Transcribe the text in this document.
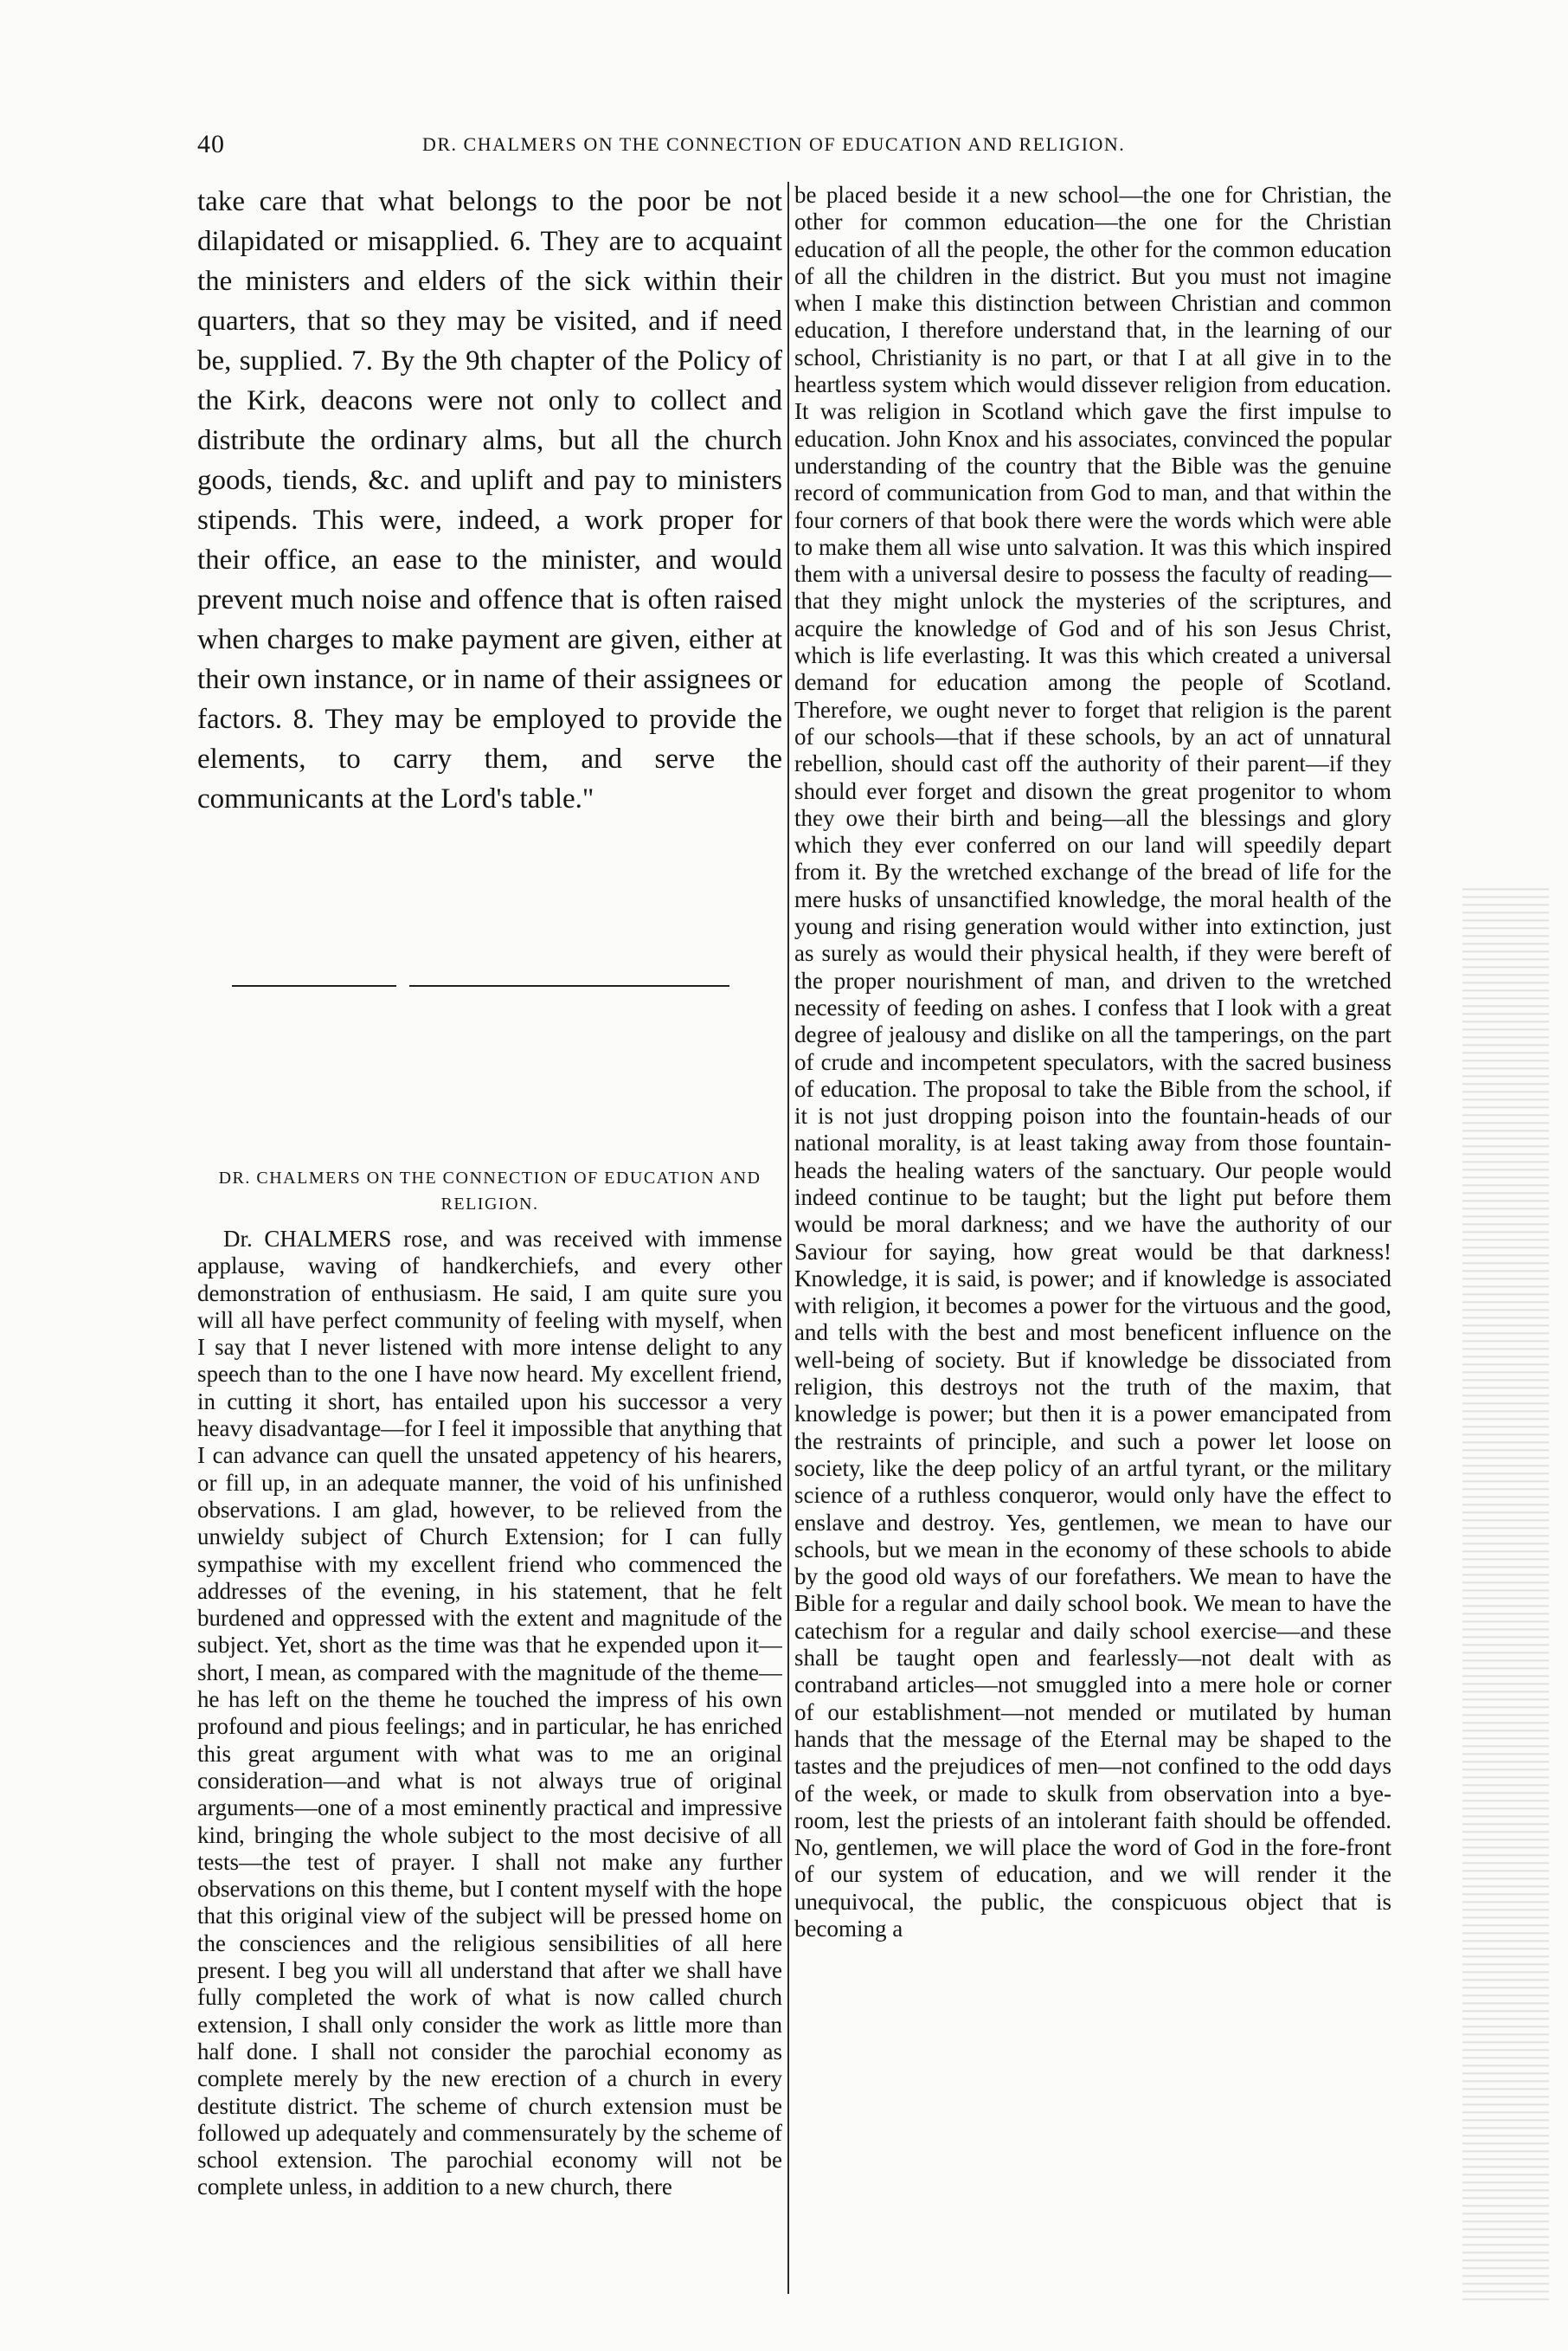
40	DR. CHALMERS ON THE CONNECTION OF EDUCATION AND RELIGION.

take care that what belongs to the poor be not dilapidated or misapplied. 6. They are to acquaint the ministers and elders of the sick within their quarters, that so they may be visited, and if need be, supplied. 7. By the 9th chapter of the Policy of the Kirk, deacons were not only to collect and distribute the ordinary alms, but all the church goods, tiends, &c. and uplift and pay to ministers stipends. This were, indeed, a work proper for their office, an ease to the minister, and would prevent much noise and offence that is often raised when charges to make payment are given, either at their own instance, or in name of their assignees or factors. 8. They may be employed to provide the elements, to carry them, and serve the communicants at the Lord's table."

DR. CHALMERS ON THE CONNECTION OF EDUCATION AND RELIGION.

Dr. CHALMERS rose, and was received with immense applause, waving of handkerchiefs, and every other demonstration of enthusiasm. He said, I am quite sure you will all have perfect community of feeling with myself, when I say that I never listened with more intense delight to any speech than to the one I have now heard. My excellent friend, in cutting it short, has entailed upon his successor a very heavy disadvantage—for I feel it impossible that anything that I can advance can quell the unsated appetency of his hearers, or fill up, in an adequate manner, the void of his unfinished observations. I am glad, however, to be relieved from the unwieldy subject of Church Extension; for I can fully sympathise with my excellent friend who commenced the addresses of the evening, in his statement, that he felt burdened and oppressed with the extent and magnitude of the subject. Yet, short as the time was that he expended upon it—short, I mean, as compared with the magnitude of the theme—he has left on the theme he touched the impress of his own profound and pious feelings; and in particular, he has enriched this great argument with what was to me an original consideration—and what is not always true of original arguments—one of a most eminently practical and impressive kind, bringing the whole subject to the most decisive of all tests—the test of prayer. I shall not make any further observations on this theme, but I content myself with the hope that this original view of the subject will be pressed home on the consciences and the religious sensibilities of all here present. I beg you will all understand that after we shall have fully completed the work of what is now called church extension, I shall only consider the work as little more than half done. I shall not consider the parochial economy as complete merely by the new erection of a church in every destitute district. The scheme of church extension must be followed up adequately and commensurately by the scheme of school extension. The parochial economy will not be complete unless, in addition to a new church, there

be placed beside it a new school—the one for Christian, the other for common education—the one for the Christian education of all the people, the other for the common education of all the children in the district. But you must not imagine when I make this distinction between Christian and common education, I therefore understand that, in the learning of our school, Christianity is no part, or that I at all give in to the heartless system which would dissever religion from education. It was religion in Scotland which gave the first impulse to education. John Knox and his associates, convinced the popular understanding of the country that the Bible was the genuine record of communication from God to man, and that within the four corners of that book there were the words which were able to make them all wise unto salvation. It was this which inspired them with a universal desire to possess the faculty of reading—that they might unlock the mysteries of the scriptures, and acquire the knowledge of God and of his son Jesus Christ, which is life everlasting. It was this which created a universal demand for education among the people of Scotland. Therefore, we ought never to forget that religion is the parent of our schools—that if these schools, by an act of unnatural rebellion, should cast off the authority of their parent—if they should ever forget and disown the great progenitor to whom they owe their birth and being—all the blessings and glory which they ever conferred on our land will speedily depart from it. By the wretched exchange of the bread of life for the mere husks of unsanctified knowledge, the moral health of the young and rising generation would wither into extinction, just as surely as would their physical health, if they were bereft of the proper nourishment of man, and driven to the wretched necessity of feeding on ashes. I confess that I look with a great degree of jealousy and dislike on all the tamperings, on the part of crude and incompetent speculators, with the sacred business of education. The proposal to take the Bible from the school, if it is not just dropping poison into the fountain-heads of our national morality, is at least taking away from those fountain-heads the healing waters of the sanctuary. Our people would indeed continue to be taught; but the light put before them would be moral darkness; and we have the authority of our Saviour for saying, how great would be that darkness! Knowledge, it is said, is power; and if knowledge is associated with religion, it becomes a power for the virtuous and the good, and tells with the best and most beneficent influence on the well-being of society. But if knowledge be dissociated from religion, this destroys not the truth of the maxim, that knowledge is power; but then it is a power emancipated from the restraints of principle, and such a power let loose on society, like the deep policy of an artful tyrant, or the military science of a ruthless conqueror, would only have the effect to enslave and destroy. Yes, gentlemen, we mean to have our schools, but we mean in the economy of these schools to abide by the good old ways of our forefathers. We mean to have the Bible for a regular and daily school book. We mean to have the catechism for a regular and daily school exercise—and these shall be taught open and fearlessly—not dealt with as contraband articles—not smuggled into a mere hole or corner of our establishment—not mended or mutilated by human hands that the message of the Eternal may be shaped to the tastes and the prejudices of men—not confined to the odd days of the week, or made to skulk from observation into a bye-room, lest the priests of an intolerant faith should be offended. No, gentlemen, we will place the word of God in the fore-front of our system of education, and we will render it the unequivocal, the public, the conspicuous object that is becoming a
